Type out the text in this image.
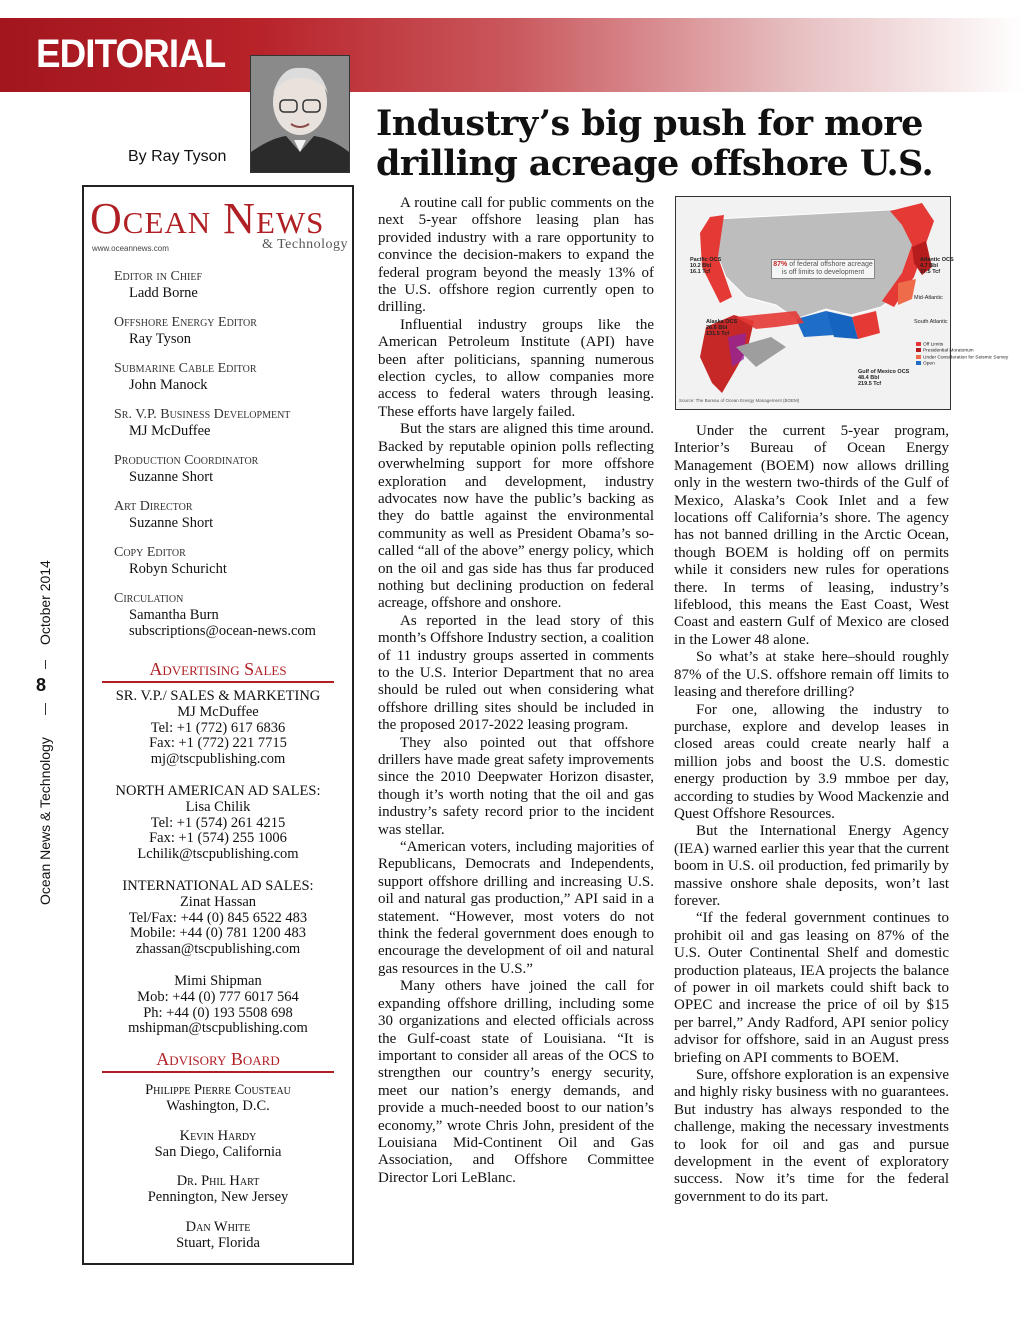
EDITORIAL
By Ray Tyson
Industry’s big push for more
drilling acreage offshore U.S.
October 2014
8
Ocean News & Technology
Ocean News
www.oceannews.com	& Technology
Editor in Chief
Ladd Borne
Offshore Energy Editor
Ray Tyson
Submarine Cable Editor
John Manock
Sr. V.P. Business Development
MJ McDuffee
Production Coordinator
Suzanne Short
Art Director
Suzanne Short
Copy Editor
Robyn Schuricht
Circulation
Samantha Burn
subscriptions@ocean-news.com
Advertising Sales
SR. V.P./ SALES & MARKETING
MJ McDuffee
Tel: +1 (772) 617 6836
Fax: +1 (772) 221 7715
mj@tscpublishing.com
NORTH AMERICAN AD SALES:
Lisa Chilik
Tel: +1 (574) 261 4215
Fax: +1 (574) 255 1006
Lchilik@tscpublishing.com
INTERNATIONAL AD SALES:
Zinat Hassan
Tel/Fax: +44 (0) 845 6522 483
Mobile: +44 (0) 781 1200 483
zhassan@tscpublishing.com
Mimi Shipman
Mob: +44 (0) 777 6017 564
Ph: +44 (0) 193 5508 698
mshipman@tscpublishing.com
Advisory Board
Philippe Pierre Cousteau
Washington, D.C.
Kevin Hardy
San Diego, California
Dr. Phil Hart
Pennington, New Jersey
Dan White
Stuart, Florida

A routine call for public comments on the next 5-year offshore leasing plan has provided industry with a rare opportunity to convince the decision-makers to expand the federal program beyond the measly 13% of the U.S. offshore region currently open to drilling.

Influential industry groups like the American Petroleum Institute (API) have been after politicians, spanning numerous election cycles, to allow companies more access to federal waters through leasing. These efforts have largely failed.

But the stars are aligned this time around. Backed by reputable opinion polls reflecting overwhelming support for more offshore exploration and development, industry advocates now have the public’s backing as they do battle against the environmental community as well as President Obama’s so-called “all of the above” energy policy, which on the oil and gas side has thus far produced nothing but declining production on federal acreage, offshore and onshore.

As reported in the lead story of this month’s Offshore Industry section, a coalition of 11 industry groups asserted in comments to the U.S. Interior Department that no area should be ruled out when considering what offshore drilling sites should be included in the proposed 2017-2022 leasing program.

They also pointed out that offshore drillers have made great safety improvements since the 2010 Deepwater Horizon disaster, though it’s worth noting that the oil and gas industry’s safety record prior to the incident was stellar.

“American voters, including majorities of Republicans, Democrats and Independents, support offshore drilling and increasing U.S. oil and natural gas production,” API said in a statement. “However, most voters do not think the federal government does enough to encourage the development of oil and natural gas resources in the U.S.”

Many others have joined the call for expanding offshore drilling, including some 30 organizations and elected officials across the Gulf-coast state of Louisiana. “It is important to consider all areas of the OCS to strengthen our country’s energy security, meet our nation’s energy demands, and provide a much-needed boost to our nation’s economy,” wrote Chris John, president of the Louisiana Mid-Continent Oil and Gas Association, and Offshore Committee Director Lori LeBlanc.

Pacific OCS
10.2 Bbl
16.1 Tcf
Atlantic OCS
4.7 Bbl
37.5 Tcf
Alaska OCS
26.6 Bbl
131.5 Tcf
Gulf of Mexico OCS
48.4 Bbl
219.5 Tcf
Mid-Atlantic
South Atlantic
87% of federal offshore acreage is off limits to development
Off Limits
Presidential Moratorium
Under Consideration for Seismic Survey
Open
Source: The Bureau of Ocean Energy Management (BOEM)

Under the current 5-year program, Interior’s Bureau of Ocean Energy Management (BOEM) now allows drilling only in the western two-thirds of the Gulf of Mexico, Alaska’s Cook Inlet and a few locations off California’s shore. The agency has not banned drilling in the Arctic Ocean, though BOEM is holding off on permits while it considers new rules for operations there. In terms of leasing, industry’s lifeblood, this means the East Coast, West Coast and eastern Gulf of Mexico are closed in the Lower 48 alone.

So what’s at stake here–should roughly 87% of the U.S. offshore remain off limits to leasing and therefore drilling?

For one, allowing the industry to purchase, explore and develop leases in closed areas could create nearly half a million jobs and boost the U.S. domestic energy production by 3.9 mmboe per day, according to studies by Wood Mackenzie and Quest Offshore Resources.

But the International Energy Agency (IEA) warned earlier this year that the current boom in U.S. oil production, fed primarily by massive onshore shale deposits, won’t last forever.

“If the federal government continues to prohibit oil and gas leasing on 87% of the U.S. Outer Continental Shelf and domestic production plateaus, IEA projects the balance of power in oil markets could shift back to OPEC and increase the price of oil by $15 per barrel,” Andy Radford, API senior policy advisor for offshore, said in an August press briefing on API comments to BOEM.

Sure, offshore exploration is an expensive and highly risky business with no guarantees. But industry has always responded to the challenge, making the necessary investments to look for oil and gas and pursue development in the event of exploratory success. Now it’s time for the federal government to do its part.
